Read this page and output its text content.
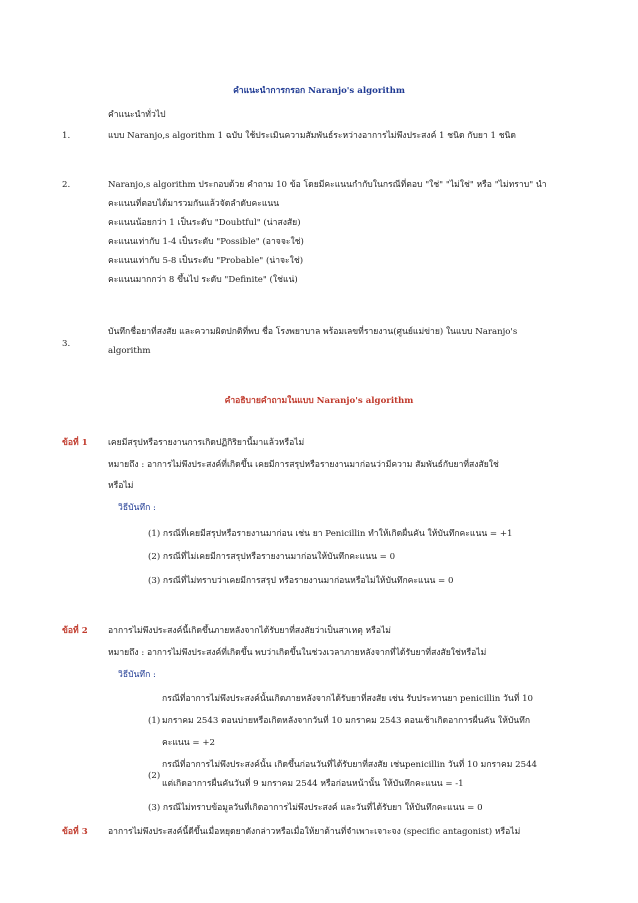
คำแนะนำการกรอก Naranjo's algorithm
คำแนะนำทั่วไป
1.	แบบ Naranjo,s algorithm 1 ฉบับ ใช้ประเมินความสัมพันธ์ระหว่างอาการไม่พึงประสงค์ 1 ชนิด กับยา 1 ชนิด
2.	Naranjo,s algorithm ประกอบด้วย คำถาม 10 ข้อ โดยมีคะแนนกำกับในกรณีที่ตอบ "ใช่" "ไม่ใช่" หรือ "ไม่ทราบ" นำ
คะแนนที่ตอบได้มารวมกันแล้วจัดลำดับคะแนน
คะแนนน้อยกว่า 1 เป็นระดับ "Doubtful" (น่าสงสัย)
คะแนนเท่ากับ 1-4 เป็นระดับ "Possible" (อาจจะใช่)
คะแนนเท่ากับ 5-8 เป็นระดับ "Probable" (น่าจะใช่)
คะแนนมากกว่า 8 ขึ้นไป ระดับ "Definite" (ใช่แน่)
3.
บันทึกชื่อยาที่สงสัย และความผิดปกติที่พบ ชื่อ โรงพยาบาล พร้อมเลขที่รายงาน(ศูนย์แม่ข่าย) ในแบบ Naranjo's
algorithm
คำอธิบายคำถามในแบบ Naranjo's algorithm
ข้อที่ 1 เคยมีสรุปหรือรายงานการเกิดปฏิกิริยานี้มาแล้วหรือไม่
หมายถึง : อาการไม่พึงประสงค์ที่เกิดขึ้น เคยมีการสรุปหรือรายงานมาก่อนว่ามีความ สัมพันธ์กับยาที่สงสัยใช่
หรือไม่
วิธีบันทึก :
(1) กรณีที่เคยมีสรุปหรือรายงานมาก่อน เช่น ยา Penicillin ทำให้เกิดผื่นคัน ให้บันทึกคะแนน = +1
(2) กรณีที่ไม่เคยมีการสรุปหรือรายงานมาก่อนให้บันทึกคะแนน = 0
(3) กรณีที่ไม่ทราบว่าเคยมีการสรุป หรือรายงานมาก่อนหรือไม่ให้บันทึกคะแนน = 0
ข้อที่ 2 อาการไม่พึงประสงค์นี้เกิดขึ้นภายหลังจากได้รับยาที่สงสัยว่าเป็นสาเหตุ หรือไม่
หมายถึง : อาการไม่พึงประสงค์ที่เกิดขึ้น พบว่าเกิดขึ้นในช่วงเวลาภายหลังจากที่ได้รับยาที่สงสัยใช่หรือไม่
วิธีบันทึก :
(1)
กรณีที่อาการไม่พึงประสงค์นั้นเกิดภายหลังจากได้รับยาที่สงสัย เช่น รับประทานยา penicillin วันที่ 10
มกราคม 2543 ตอนบ่ายหรือเกิดหลังจากวันที่ 10 มกราคม 2543 ตอนเช้าเกิดอาการผื่นคัน ให้บันทึก
คะแนน = +2
(2)
กรณีที่อาการไม่พึงประสงค์นั้น เกิดขึ้นก่อนวันที่ได้รับยาที่สงสัย เช่นpenicillin วันที่ 10 มกราคม 2544
แต่เกิดอาการผื่นคันวันที่ 9 มกราคม 2544 หรือก่อนหน้านั้น ให้บันทึกคะแนน = -1
(3) กรณีไม่ทราบข้อมูลวันที่เกิดอาการไม่พึงประสงค์ และวันที่ได้รับยา ให้บันทึกคะแนน = 0
ข้อที่ 3 อาการไม่พึงประสงค์นี้ดีขึ้นเมื่อหยุดยาดังกล่าวหรือเมื่อให้ยาต้านที่จำเพาะเจาะจง (specific antagonist) หรือไม่
